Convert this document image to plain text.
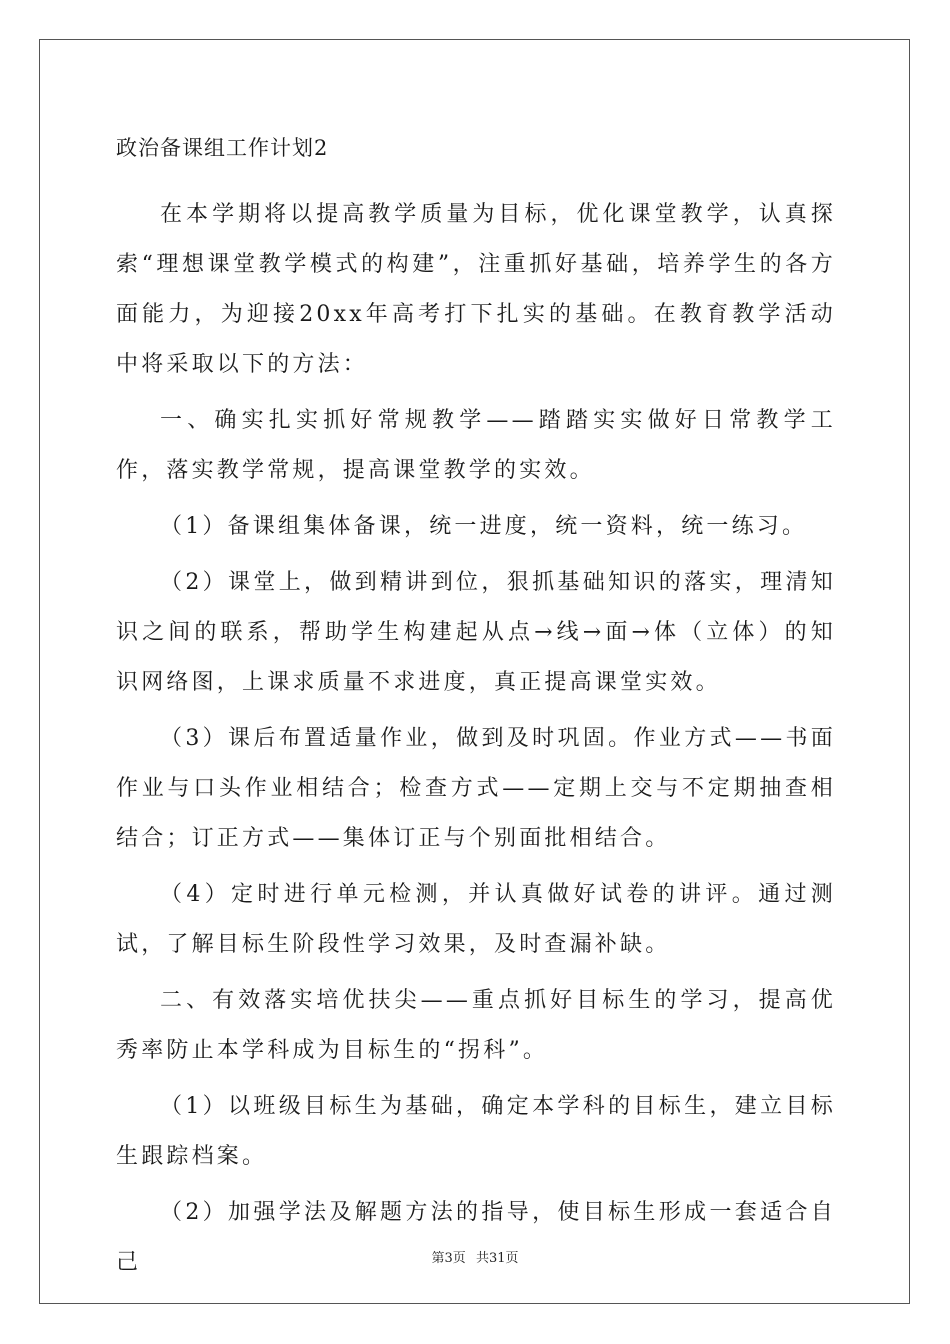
政治备课组工作计划2

在本学期将以提高教学质量为目标，优化课堂教学，认真探索“理想课堂教学模式的构建”，注重抓好基础，培养学生的各方面能力，为迎接20xx年高考打下扎实的基础。在教育教学活动中将采取以下的方法：

一、确实扎实抓好常规教学——踏踏实实做好日常教学工作，落实教学常规，提高课堂教学的实效。

（1）备课组集体备课，统一进度，统一资料，统一练习。

（2）课堂上，做到精讲到位，狠抓基础知识的落实，理清知识之间的联系，帮助学生构建起从点→线→面→体（立体）的知识网络图，上课求质量不求进度，真正提高课堂实效。

（3）课后布置适量作业，做到及时巩固。作业方式——书面作业与口头作业相结合；检查方式——定期上交与不定期抽查相结合；订正方式——集体订正与个别面批相结合。

（4）定时进行单元检测，并认真做好试卷的讲评。通过测试，了解目标生阶段性学习效果，及时查漏补缺。

二、有效落实培优扶尖——重点抓好目标生的学习，提高优秀率防止本学科成为目标生的“拐科”。

（1）以班级目标生为基础，确定本学科的目标生，建立目标生跟踪档案。

（2）加强学法及解题方法的指导，使目标生形成一套适合自己	第3页 共31页
